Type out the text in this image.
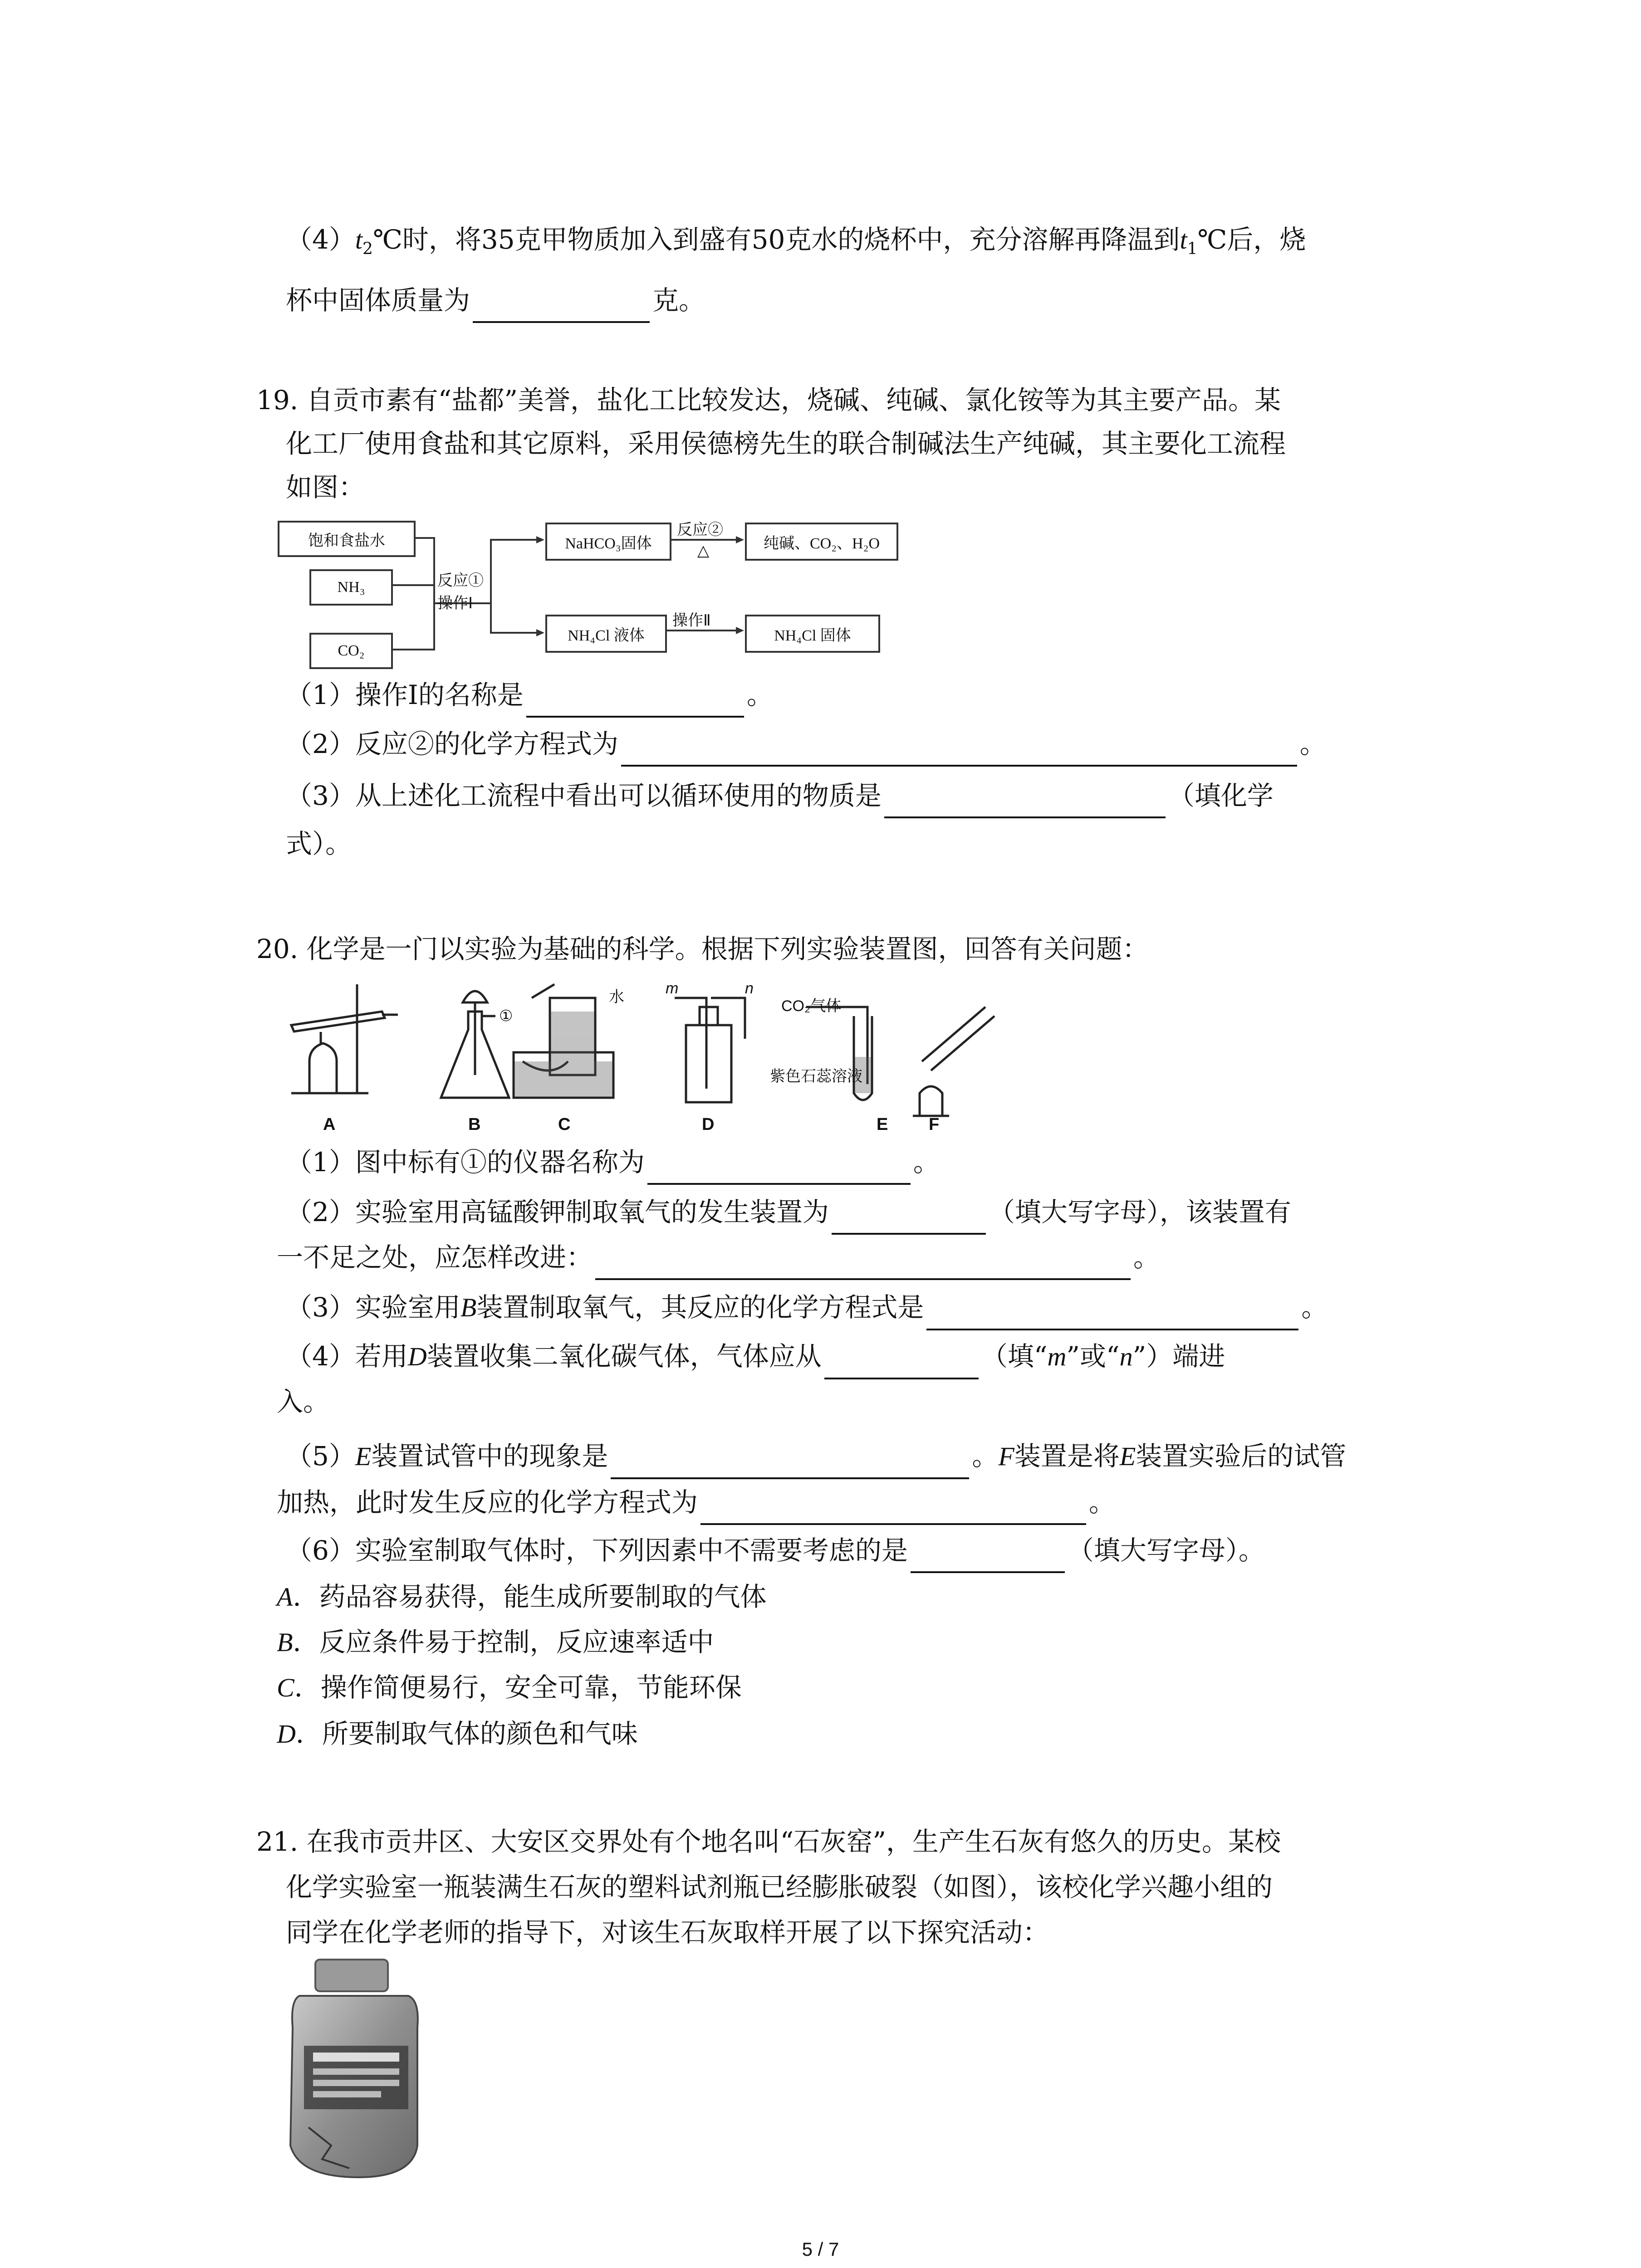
$(4)t_2℃$时，将35克甲物质加入到盛有50克水的烧杯中，充分溶解再降温到$t_1℃$后，烧
杯中固体质量为	克。
19. 自贡市素有“盐都”美誉，盐化工比较发达，烧碱、纯碱、氯化铵等为其主要产品。某
化工厂使用食盐和其它原料，采用侯德榜先生的联合制碱法生产纯碱，其主要化工流程
如图：
饱和食盐水
NH₃
CO₂
反应①
操作Ⅰ
NaHCO₃固体
反应②
△	纯碱、CO₂、H₂O
NH₄Cl 液体
操作Ⅱ
NH₄Cl 固体
（1）操作Ⅰ的名称是	。
（2）反应②的化学方程式为	。
（3）从上述化工流程中看出可以循环使用的物质是	（填化学
式）。
20. 化学是一门以实验为基础的科学。根据下列实验装置图，回答有关问题：
A	B	C	D	E F
①
水	m	n
CO₂气体
紫色石蕊溶液
（1）图中标有①的仪器名称为	。
（2）实验室用高锰酸钾制取氧气的发生装置为	（填大写字母），该装置有
一不足之处，应怎样改进：	。
（3）实验室用B装置制取氧气，其反应的化学方程式是	。
（4）若用D装置收集二氧化碳气体，气体应从	（填“m”或“n”）端进
入。
（5）E装置试管中的现象是	。F装置是将E装置实验后的试管
加热，此时发生反应的化学方程式为	。
（6）实验室制取气体时，下列因素中不需要考虑的是	（填大写字母）。
A．药品容易获得，能生成所要制取的气体
B．反应条件易于控制，反应速率适中
C．操作简便易行，安全可靠，节能环保
D．所要制取气体的颜色和气味
21. 在我市贡井区、大安区交界处有个地名叫“石灰窑”，生产生石灰有悠久的历史。某校
化学实验室一瓶装满生石灰的塑料试剂瓶已经膨胀破裂（如图），该校化学兴趣小组的
同学在化学老师的指导下，对该生石灰取样开展了以下探究活动：
5 / 7
